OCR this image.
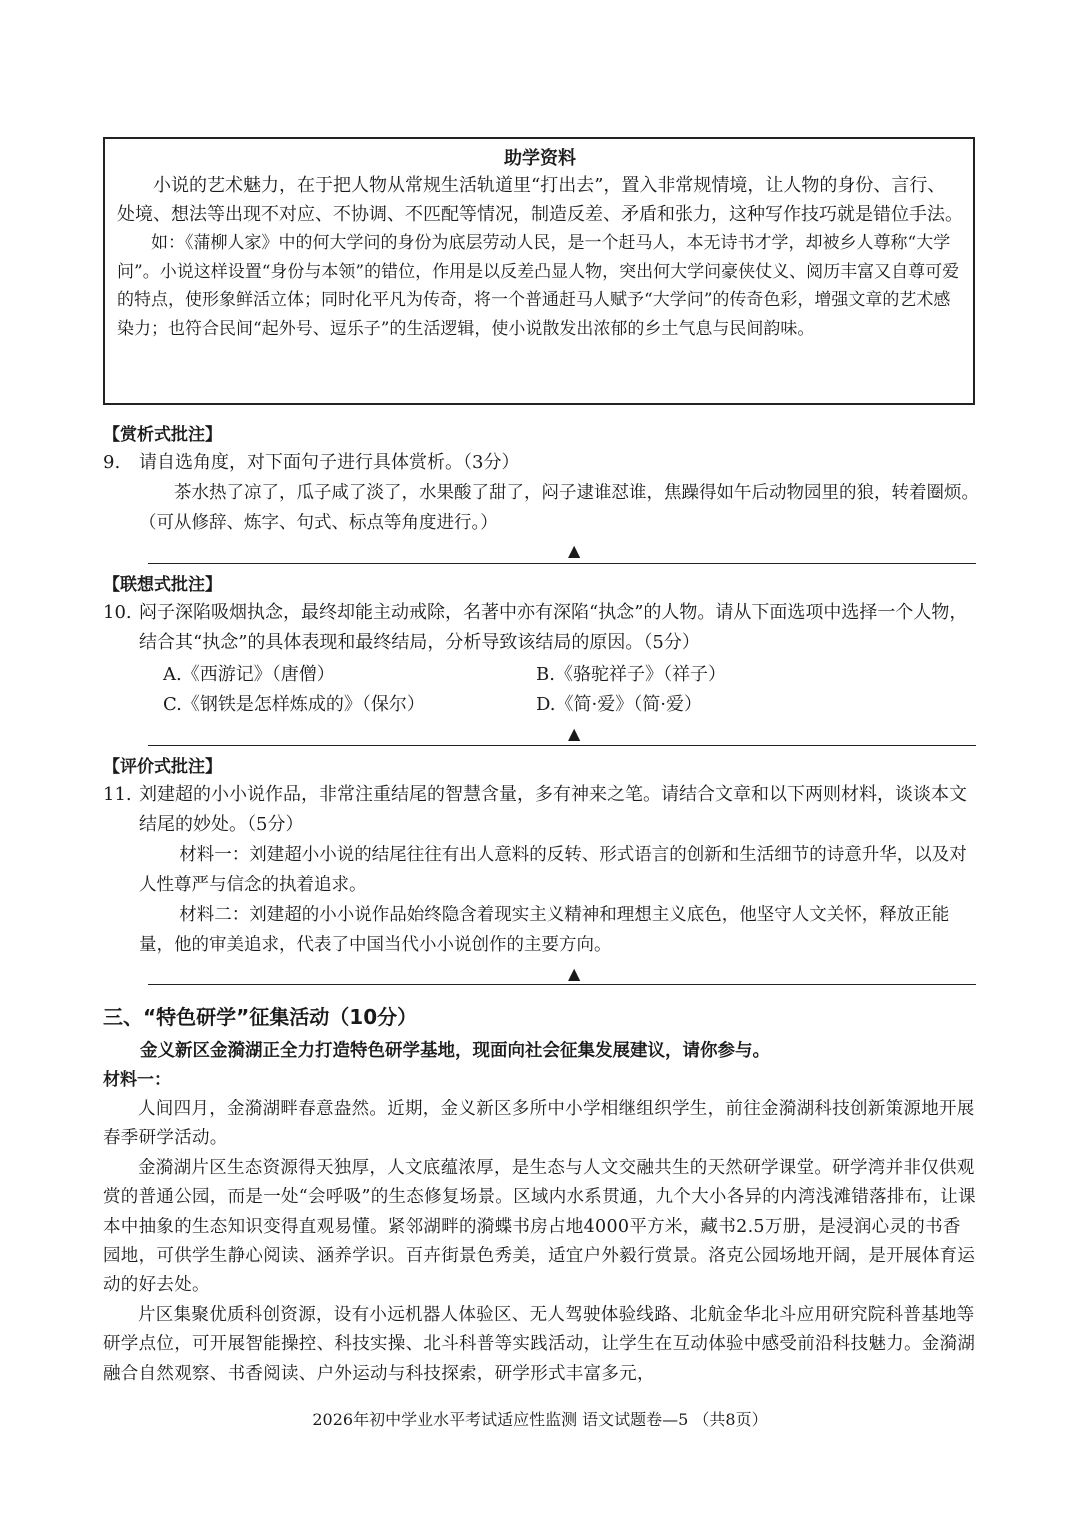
助学资料

小说的艺术魅力，在于把人物从常规生活轨道里“打出去”，置入非常规情境，让人物的身份、言行、处境、想法等出现不对应、不协调、不匹配等情况，制造反差、矛盾和张力，这种写作技巧就是错位手法。

如：《蒲柳人家》中的何大学问的身份为底层劳动人民，是一个赶马人，本无诗书才学，却被乡人尊称“大学问”。小说这样设置“身份与本领”的错位，作用是以反差凸显人物，突出何大学问豪侠仗义、阅历丰富又自尊可爱的特点，使形象鲜活立体；同时化平凡为传奇，将一个普通赶马人赋予“大学问”的传奇色彩，增强文章的艺术感染力；也符合民间“起外号、逗乐子”的生活逻辑，使小说散发出浓郁的乡土气息与民间韵味。

【赏析式批注】

9. 请自选角度，对下面句子进行具体赏析。（3分）

茶水热了凉了，瓜子咸了淡了，水果酸了甜了，闷子逮谁怼谁，焦躁得如午后动物园里的狼，转着圈烦。（可从修辞、炼字、句式、标点等角度进行。）

▲
【联想式批注】

10. 闷子深陷吸烟执念，最终却能主动戒除，名著中亦有深陷“执念”的人物。请从下面选项中选择一个人物，结合其“执念”的具体表现和最终结局，分析导致该结局的原因。（5分）

A.《西游记》（唐僧）	B.《骆驼祥子》（祥子）
C.《钢铁是怎样炼成的》（保尔）	D.《简·爱》（简·爱）
▲
【评价式批注】

11. 刘建超的小小说作品，非常注重结尾的智慧含量，多有神来之笔。请结合文章和以下两则材料，谈谈本文结尾的妙处。（5分）

材料一：刘建超小小说的结尾往往有出人意料的反转、形式语言的创新和生活细节的诗意升华，以及对人性尊严与信念的执着追求。

材料二：刘建超的小小说作品始终隐含着现实主义精神和理想主义底色，他坚守人文关怀，释放正能量，他的审美追求，代表了中国当代小小说创作的主要方向。

▲
三、“特色研学”征集活动（10分）
金义新区金漪湖正全力打造特色研学基地，现面向社会征集发展建议，请你参与。
材料一：

人间四月，金漪湖畔春意盎然。近期，金义新区多所中小学相继组织学生，前往金漪湖科技创新策源地开展春季研学活动。

金漪湖片区生态资源得天独厚，人文底蕴浓厚，是生态与人文交融共生的天然研学课堂。研学湾并非仅供观赏的普通公园，而是一处“会呼吸”的生态修复场景。区域内水系贯通，九个大小各异的内湾浅滩错落排布，让课本中抽象的生态知识变得直观易懂。紧邻湖畔的漪蝶书房占地4000平方米，藏书2.5万册，是浸润心灵的书香园地，可供学生静心阅读、涵养学识。百卉街景色秀美，适宜户外毅行赏景。洛克公园场地开阔，是开展体育运动的好去处。

片区集聚优质科创资源，设有小远机器人体验区、无人驾驶体验线路、北航金华北斗应用研究院科普基地等研学点位，可开展智能操控、科技实操、北斗科普等实践活动，让学生在互动体验中感受前沿科技魅力。金漪湖融合自然观察、书香阅读、户外运动与科技探索，研学形式丰富多元，

2026年初中学业水平考试适应性监测 语文试题卷—5 （共8页）
